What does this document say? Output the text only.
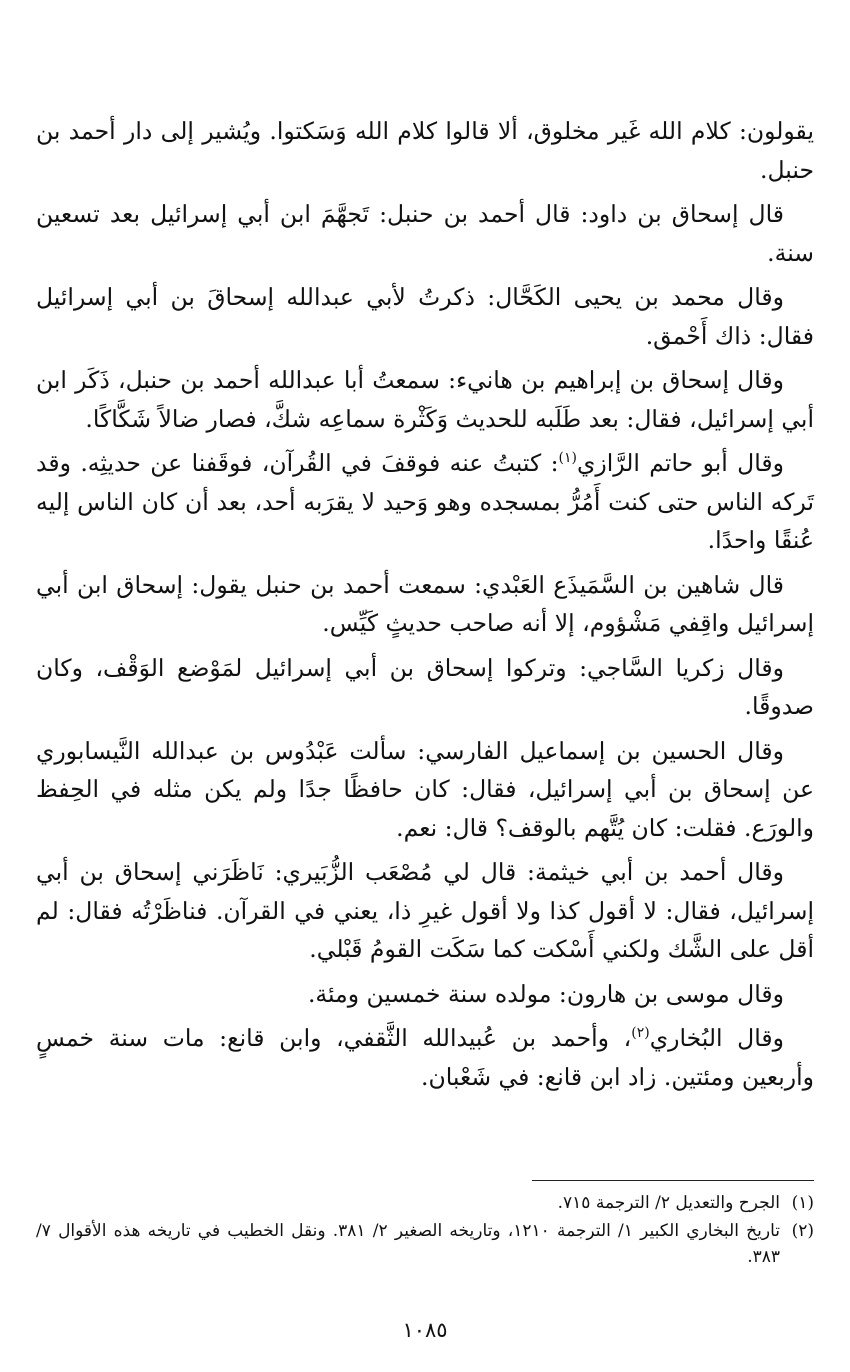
يقولون: كلام الله غَير مخلوق، ألا قالوا كلام الله وَسَكتوا. ويُشير إلى دار أحمد بن حنبل.

قال إسحاق بن داود: قال أحمد بن حنبل: تَجهَّمَ ابن أبي إسرائيل بعد تسعين سنة.

وقال محمد بن يحيى الكَحَّال: ذكرتُ لأبي عبدالله إسحاقَ بن أبي إسرائيل فقال: ذاك أَحْمق.

وقال إسحاق بن إبراهيم بن هانيء: سمعتُ أبا عبدالله أحمد بن حنبل، ذَكَر ابن أبي إسرائيل، فقال: بعد طَلَبه للحديث وَكَثْرة سماعِه شكَّ، فصار ضالاً شَكَّاكًا.

وقال أبو حاتم الرَّازي$^{(١)}$: كتبتُ عنه فوقفَ في القُرآن، فوقَفنا عن حديثِه. وقد تَركه الناس حتى كنت أَمُرُّ بمسجده وهو وَحيد لا يقرَبه أحد، بعد أن كان الناس إليه عُنقًا واحدًا.

قال شاهين بن السَّمَيذَع العَبْدي: سمعت أحمد بن حنبل يقول: إسحاق ابن أبي إسرائيل واقِفي مَشْؤوم، إلا أنه صاحب حديثٍ كَيِّس.

وقال زكريا السَّاجي: وتركوا إسحاق بن أبي إسرائيل لمَوْضع الوَقْف، وكان صدوقًا.

وقال الحسين بن إسماعيل الفارسي: سألت عَبْدُوس بن عبدالله النَّيسابوري عن إسحاق بن أبي إسرائيل، فقال: كان حافظًا جدًا ولم يكن مثله في الحِفظ والورَع. فقلت: كان يُتَّهم بالوقف؟ قال: نعم.

وقال أحمد بن أبي خيثمة: قال لي مُصْعَب الزُّبَيري: نَاظَرَني إسحاق بن أبي إسرائيل، فقال: لا أقول كذا ولا أقول غيرِ ذا، يعني في القرآن. فناظَرْتُه فقال: لم أقل على الشَّك ولكني أَسْكت كما سَكَت القومُ قَبْلي.

وقال موسى بن هارون: مولده سنة خمسين ومئة.

وقال البُخاري$^{(٢)}$، وأحمد بن عُبيدالله الثَّقفي، وابن قانع: مات سنة خمسٍ وأربعين ومئتين. زاد ابن قانع: في شَعْبان.

(١)الجرح والتعديل ٢/ الترجمة ٧١٥.

(٢)تاريخ البخاري الكبير ١/ الترجمة ١٢١٠، وتاريخه الصغير ٢/ ٣٨١. ونقل الخطيب في تاريخه هذه الأقوال ٧/ ٣٨٣.

١٠٨٥
